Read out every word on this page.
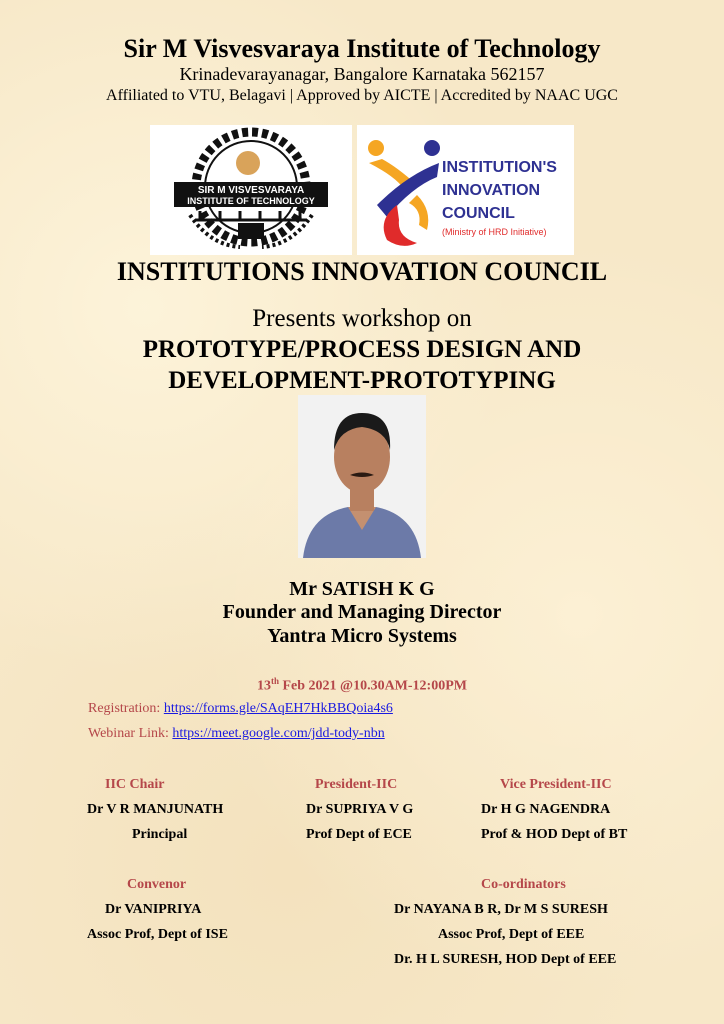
Sir M Visvesvaraya Institute of Technology
Krinadevarayanagar, Bangalore Karnataka 562157
Affiliated to VTU, Belagavi | Approved by AICTE | Accredited by NAAC UGC
SIR M VISVESVARAYA
INSTITUTE OF TECHNOLOGY
INSTITUTION'S
INNOVATION
COUNCIL
(Ministry of HRD Initiative)
INSTITUTIONS INNOVATION COUNCIL
Presents workshop on
PROTOTYPE/PROCESS DESIGN AND
DEVELOPMENT-PROTOTYPING
Mr SATISH K G
Founder and Managing Director
Yantra Micro Systems
13th Feb 2021 @10.30AM-12:00PM
Registration: https://forms.gle/SAqEH7HkBBQoia4s6
Webinar Link: https://meet.google.com/jdd-tody-nbn
IIC Chair
Dr V R MANJUNATH
Principal
President-IIC
Dr SUPRIYA V G
Prof Dept of ECE
Vice President-IIC
Dr H G NAGENDRA
Prof & HOD Dept of BT
Convenor
Dr VANIPRIYA
Assoc Prof, Dept of ISE
Co-ordinators
Dr NAYANA B R, Dr M S SURESH
Assoc Prof, Dept of EEE
Dr. H L SURESH, HOD Dept of EEE
